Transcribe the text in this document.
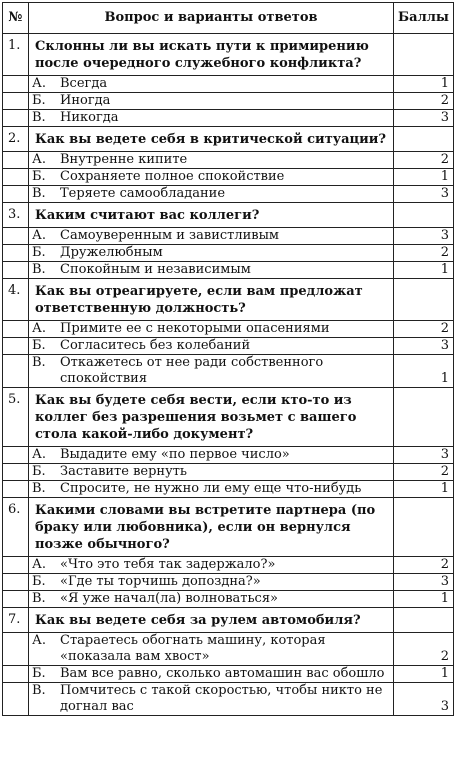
№	Вопрос и варианты ответов	Баллы
1.	Склонны ли вы искать пути к примирению после очередного служебного конфликта?	

	А. Всегда	1

	Б. Иногда	2

	В. Никогда	3
2.	Как вы ведете себя в критической ситуации?	

	А. Внутренне кипите	2

	Б. Сохраняете полное спокойствие	1

	В. Теряете самообладание	3
3.	Каким считают вас коллеги?	

	А. Самоуверенным и завистливым	3

	Б. Дружелюбным	2

	В. Спокойным и независимым	1
4.	Как вы отреагируете, если вам предложат ответственную должность?	

	А. Примите ее с некоторыми опасениями	2

	Б. Согласитесь без колебаний	3

	В. Откажетесь от нее ради собственного спокойствия	1
5.	Как вы будете себя вести, если кто-то из коллег без разрешения возьмет с вашего стола какой-либо документ?	

	А. Выдадите ему «по первое число»	3

	Б. Заставите вернуть	2

	В. Спросите, не нужно ли ему еще что-нибудь	1
6.	Какими словами вы встретите партнера (по браку или любовника), если он вернулся позже обычного?	

	А. «Что это тебя так задержало?»	2

	Б. «Где ты торчишь допоздна?»	3

	В. «Я уже начал(ла) волноваться»	1
7.	Как вы ведете себя за рулем автомобиля?	

	А. Стараетесь обогнать машину, которая «показала вам хвост»	2

	Б. Вам все равно, сколько автомашин вас обошло	1

	В. Помчитесь с такой скоростью, чтобы никто не догнал вас	3
